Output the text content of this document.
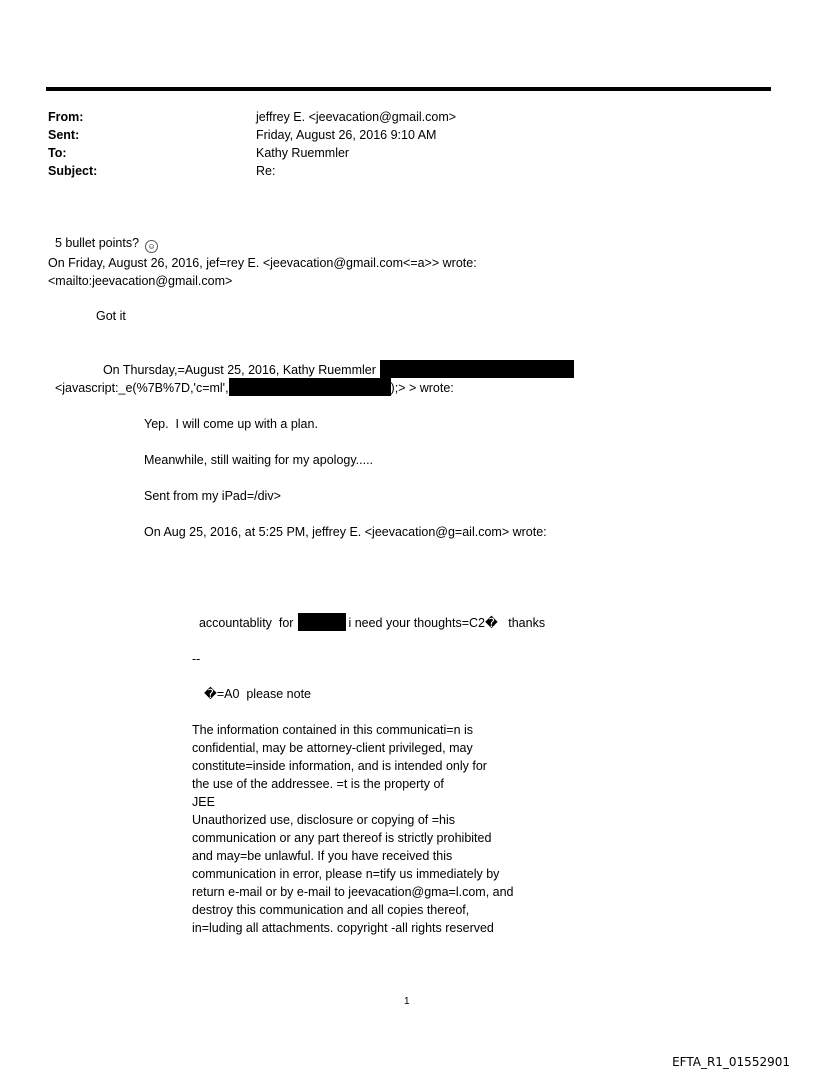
From:	jeffrey E. <jeevacation@gmail.com>
Sent:	Friday, August 26, 2016 9:10 AM
To:	Kathy Ruemmler
Subject:	Re:

5 bullet points? ☺

On Friday, August 26, 2016, jef=rey E. <jeevacation@gmail.com<=a>> wrote:
<mailto:jeevacation@gmail.com>
Got it

On Thursday,=August 25, 2016, Kathy Ruemmler

<javascript:_e(%7B%7D,'c=ml',	);> > wrote:

Yep.  I will come up with a plan.
Meanwhile, still waiting for my apology.....
Sent from my iPad=/div>
On Aug 25, 2016, at 5:25 PM, jeffrey E. <jeevacation@g=ail.com> wrote:

accountablity  for	i need your thoughts=C2�   thanks

--
�=A0  please note
The information contained in this communicati=n is
confidential, may be attorney-client privileged, may
constitute=inside information, and is intended only for
the use of the addressee. =t is the property of
JEE
Unauthorized use, disclosure or copying of =his
communication or any part thereof is strictly prohibited
and may=be unlawful. If you have received this
communication in error, please n=tify us immediately by
return e-mail or by e-mail to jeevacation@gma=l.com, and
destroy this communication and all copies thereof,
in=luding all attachments. copyright -all rights reserved
1
EFTA_R1_01552901
